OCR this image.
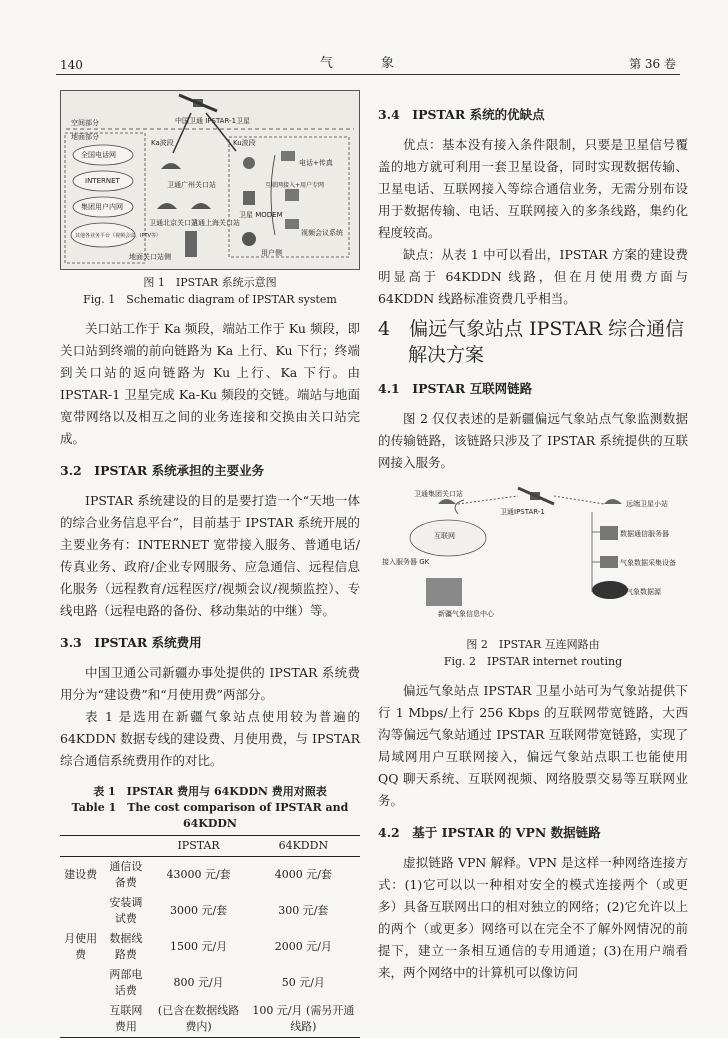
140	气 象	第 36 卷
空间部分
地面部分
中国卫通 IPSTAR-1卫星
Ka波段	Ku波段
全国电话网
INTERNET
集团用户内网
其他各业务平台（视频会议、IPTV等）
卫通北京关口站
卫通广州关口站
卫通上海关口站
卫星 MODEM
电话+传真
互联网接入+用户专网
视频会议系统
地面关口站侧	用户侧
图 1　IPSTAR 系统示意图
Fig. 1　Schematic diagram of IPSTAR system

关口站工作于 Ka 频段，端站工作于 Ku 频段，即关口站到终端的前向链路为 Ka 上行、Ku 下行；终端到关口站的返向链路为 Ku 上行、Ka 下行。由 IPSTAR-1 卫星完成 Ka-Ku 频段的交链。端站与地面宽带网络以及相互之间的业务连接和交换由关口站完成。

3.2　IPSTAR 系统承担的主要业务

IPSTAR 系统建设的目的是要打造一个“天地一体的综合业务信息平台”，目前基于 IPSTAR 系统开展的主要业务有：INTERNET 宽带接入服务、普通电话/传真业务、政府/企业专网服务、应急通信、远程信息化服务（远程教育/远程医疗/视频会议/视频监控）、专线电路（远程电路的备份、移动集站的中继）等。

3.3　IPSTAR 系统费用

中国卫通公司新疆办事处提供的 IPSTAR 系统费用分为“建设费”和“月使用费”两部分。

表 1 是选用在新疆气象站点使用较为普遍的 64KDDN 数据专线的建设费、月使用费，与 IPSTAR 综合通信系统费用作的对比。

表 1　IPSTAR 费用与 64KDDN 费用对照表
Table 1　The cost comparison of IPSTAR and 64KDDN
		IPSTAR	64KDDN
建设费	通信设备费	43000 元/套	4000 元/套
	安装调试费	3000 元/套	300 元/套
月使用费	数据线路费	1500 元/月	2000 元/月
	两部电话费	800 元/月	50 元/月
	互联网费用	(已含在数据线路费内)	100 元/月 (需另开通线路)
3.4　IPSTAR 系统的优缺点

优点：基本没有接入条件限制，只要是卫星信号覆盖的地方就可利用一套卫星设备，同时实现数据传输、卫星电话、互联网接入等综合通信业务，无需分别布设用于数据传输、电话、互联网接入的多条线路，集约化程度较高。

缺点：从表 1 中可以看出，IPSTAR 方案的建设费明显高于 64KDDN 线路，但在月使用费方面与 64KDDN 线路标准资费几乎相当。

4　偏远气象站点 IPSTAR 综合通信解决方案
4.1　IPSTAR 互联网链路

图 2 仅仅表述的是新疆偏远气象站点气象监测数据的传输链路，该链路只涉及了 IPSTAR 系统提供的互联网接入服务。

卫通集团关口站
卫通IPSTAR-1
远端卫星小站
互联网
接入服务器 GK
数据通信服务器
气象数据采集设备
气象数据源
新疆气象信息中心
图 2　IPSTAR 互连网路由
Fig. 2　IPSTAR internet routing

偏远气象站点 IPSTAR 卫星小站可为气象站提供下行 1 Mbps/上行 256 Kbps 的互联网带宽链路，大西沟等偏远气象站通过 IPSTAR 互联网带宽链路，实现了局域网用户互联网接入，偏远气象站点职工也能使用 QQ 聊天系统、互联网视频、网络股票交易等互联网业务。

4.2　基于 IPSTAR 的 VPN 数据链路

虚拟链路 VPN 解释。VPN 是这样一种网络连接方式：(1)它可以以一种相对安全的模式连接两个（或更多）具备互联网出口的相对独立的网络；(2)它允许以上的两个（或更多）网络可以在完全不了解外网情况的前提下，建立一条相互通信的专用通道；(3)在用户端看来，两个网络中的计算机可以像访问
